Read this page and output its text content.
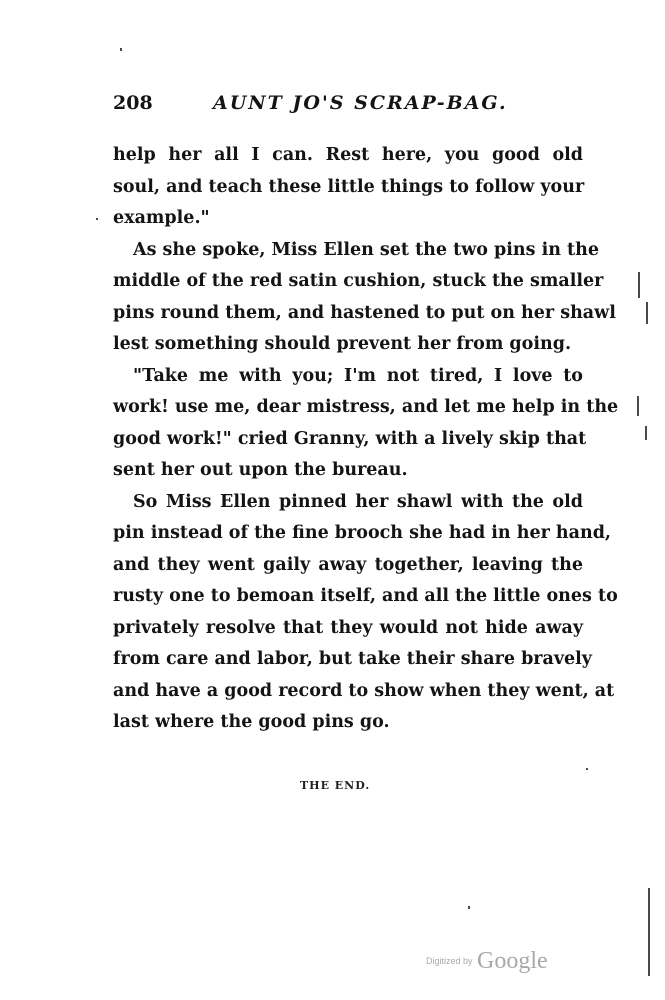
208	AUNT JO'S SCRAP-BAG.
help her all I can. Rest here, you good old
soul, and teach these little things to follow your
example."
As she spoke, Miss Ellen set the two pins in the
middle of the red satin cushion, stuck the smaller
pins round them, and hastened to put on her shawl
lest something should prevent her from going.
"Take me with you; I'm not tired, I love to
work! use me, dear mistress, and let me help in the
good work!" cried Granny, with a lively skip that
sent her out upon the bureau.
So Miss Ellen pinned her shawl with the old
pin instead of the fine brooch she had in her hand,
and they went gaily away together, leaving the
rusty one to bemoan itself, and all the little ones to
privately resolve that they would not hide away
from care and labor, but take their share bravely
and have a good record to show when they went, at
last where the good pins go.
THE END.
$^{Digitized by}$ Google
